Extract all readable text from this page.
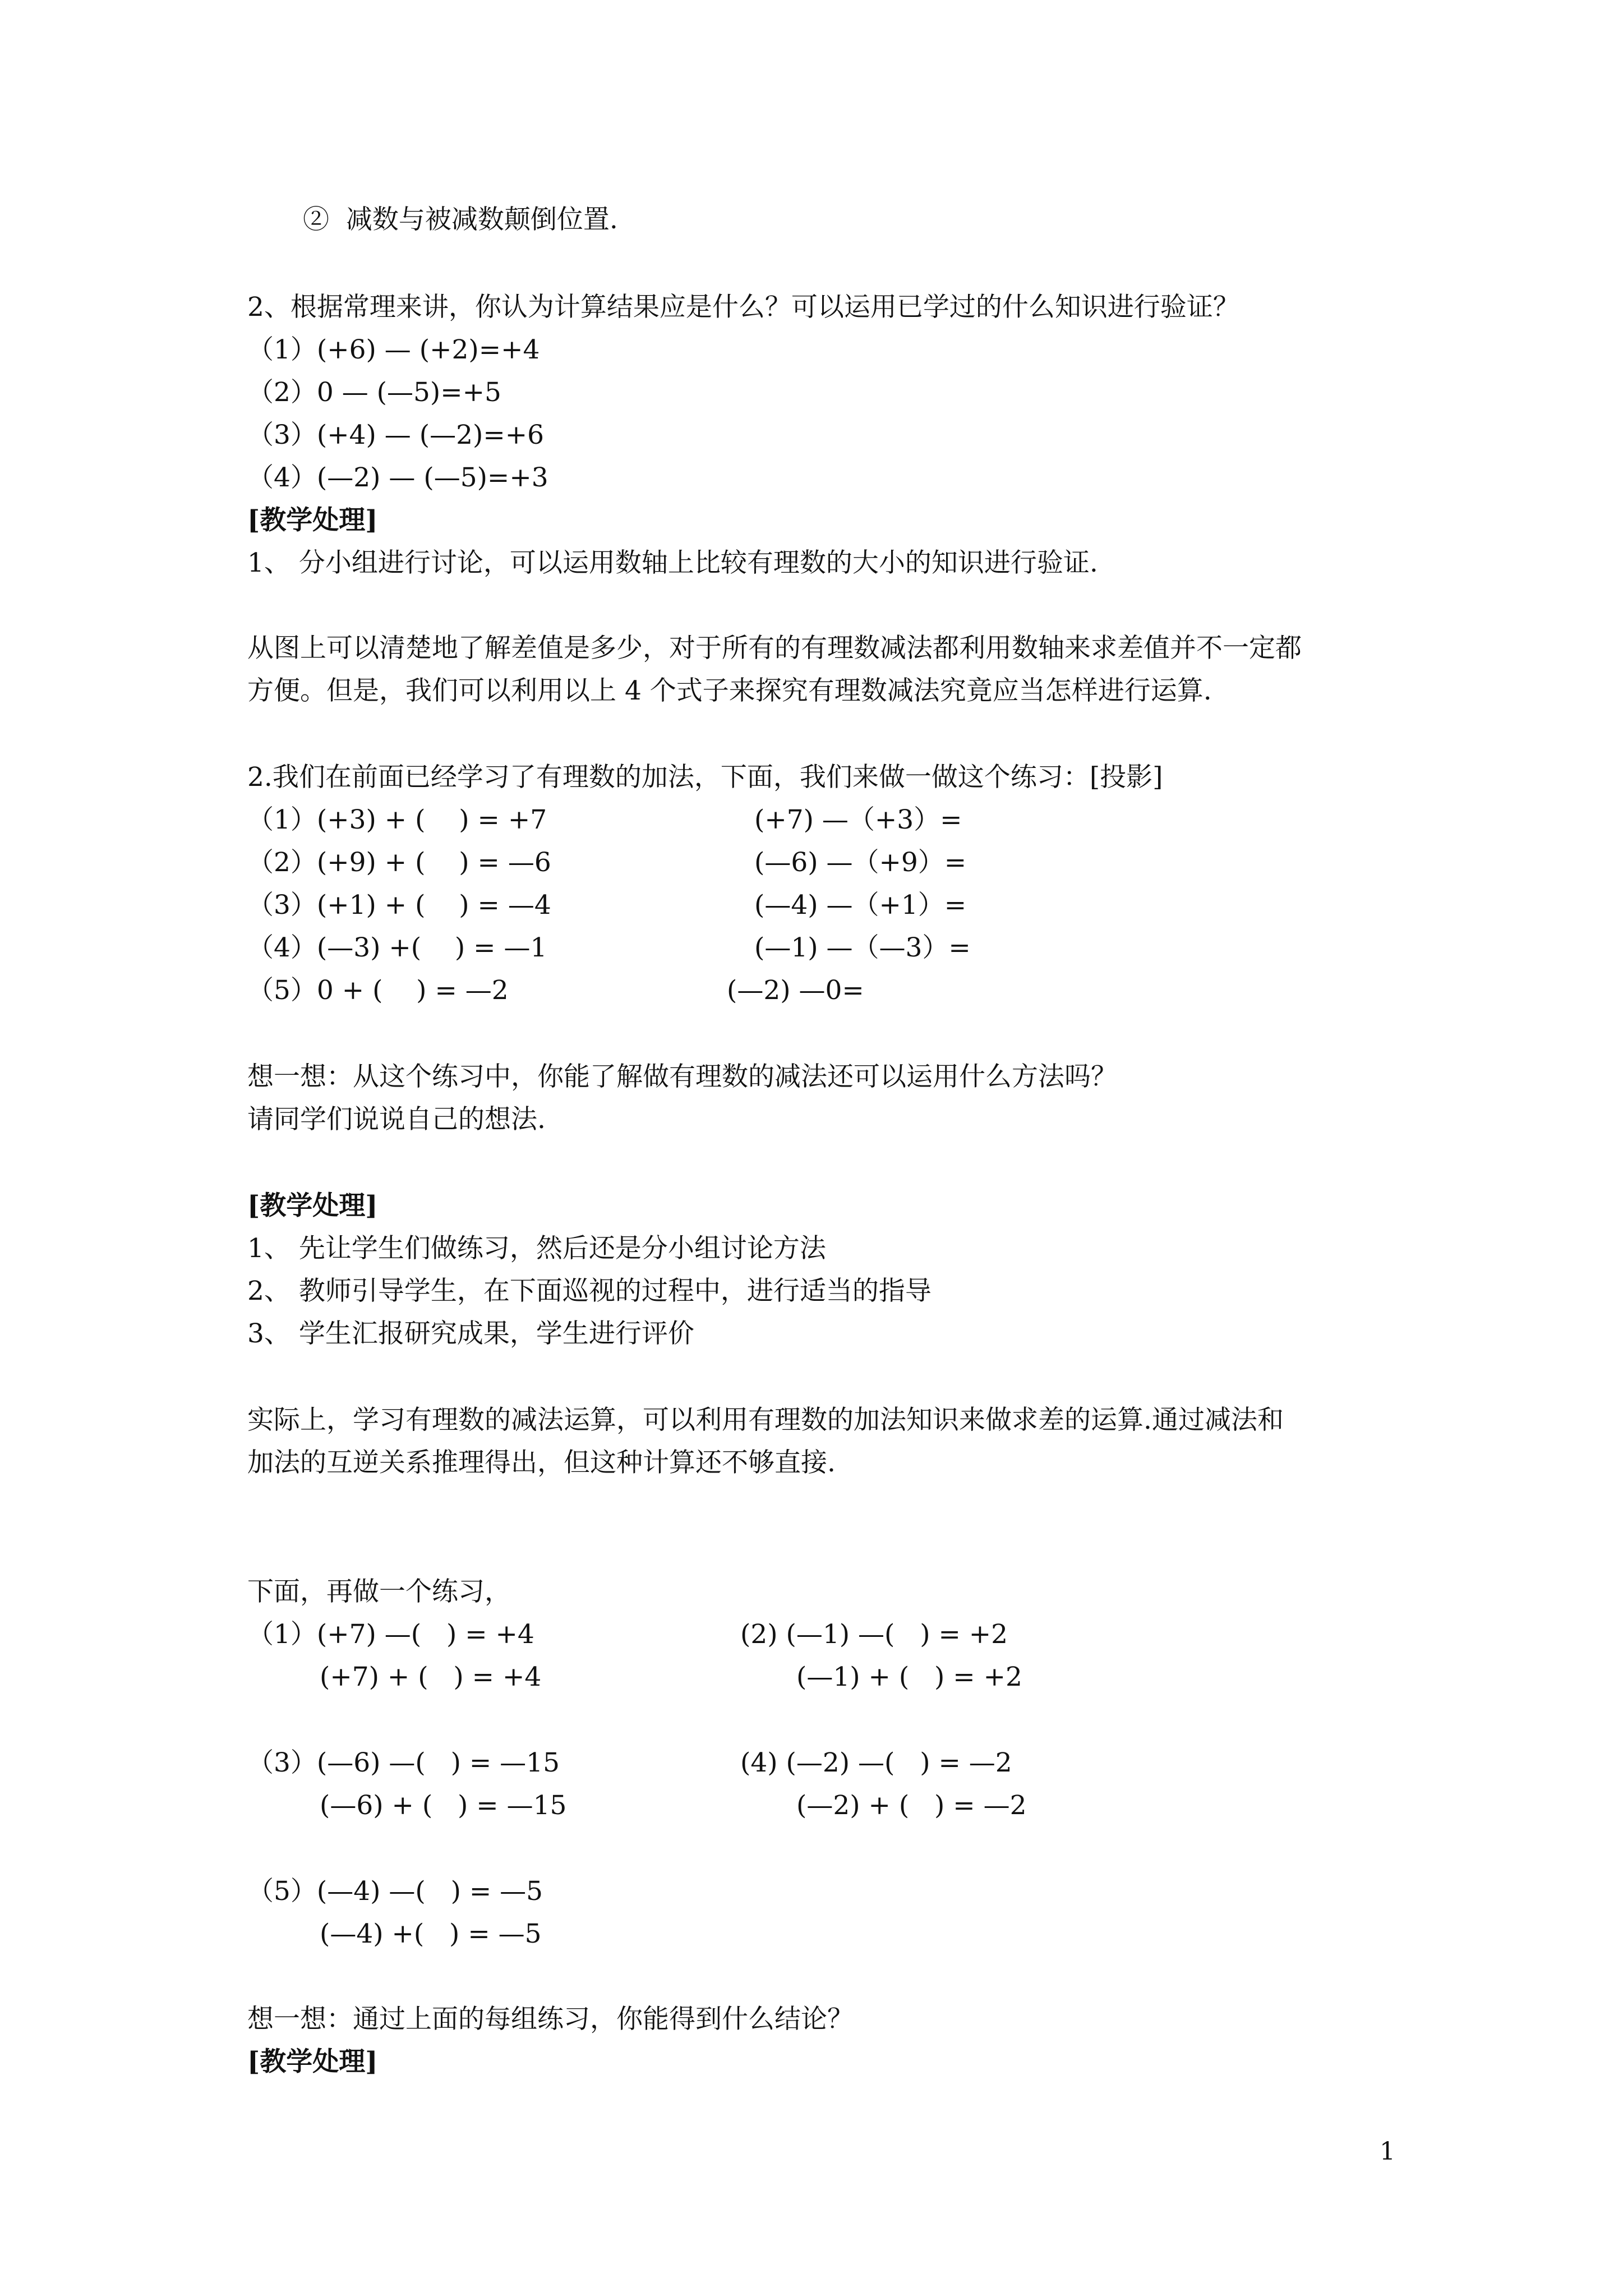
②  减数与被减数颠倒位置.
2、根据常理来讲，你认为计算结果应是什么？可以运用已学过的什么知识进行验证？
（1）(+6) — (+2)=+4
（2）0 — (—5)=+5
（3）(+4) — (—2)=+6
（4）(—2) — (—5)=+3
[教学处理]
1、 分小组进行讨论，可以运用数轴上比较有理数的大小的知识进行验证.
从图上可以清楚地了解差值是多少，对于所有的有理数减法都利用数轴来求差值并不一定都
方便。但是，我们可以利用以上 4 个式子来探究有理数减法究竟应当怎样进行运算.
2.我们在前面已经学习了有理数的加法，下面，我们来做一做这个练习：[投影]
（1）(+3) + (    ) = +7
（2）(+9) + (    ) = —6
（3）(+1) + (    ) = —4
（4）(—3) +(    ) = —1
（5）0 + (    ) = —2
(+7) —（+3）=
(—6) —（+9）=
(—4) —（+1）=
(—1) —（—3）=
(—2) —0=
想一想：从这个练习中，你能了解做有理数的减法还可以运用什么方法吗？
请同学们说说自己的想法.
[教学处理]
1、 先让学生们做练习，然后还是分小组讨论方法
2、 教师引导学生，在下面巡视的过程中，进行适当的指导
3、 学生汇报研究成果，学生进行评价
实际上，学习有理数的减法运算，可以利用有理数的加法知识来做求差的运算.通过减法和
加法的互逆关系推理得出，但这种计算还不够直接.
下面，再做一个练习，
（1）(+7) —(   ) = +4
(+7) + (   ) = +4
(2) (—1) —(   ) = +2
(—1) + (   ) = +2
（3）(—6) —(   ) = —15
(—6) + (   ) = —15
(4) (—2) —(   ) = —2
(—2) + (   ) = —2
（5）(—4) —(   ) = —5
(—4) +(   ) = —5
想一想：通过上面的每组练习，你能得到什么结论？
[教学处理]
1
